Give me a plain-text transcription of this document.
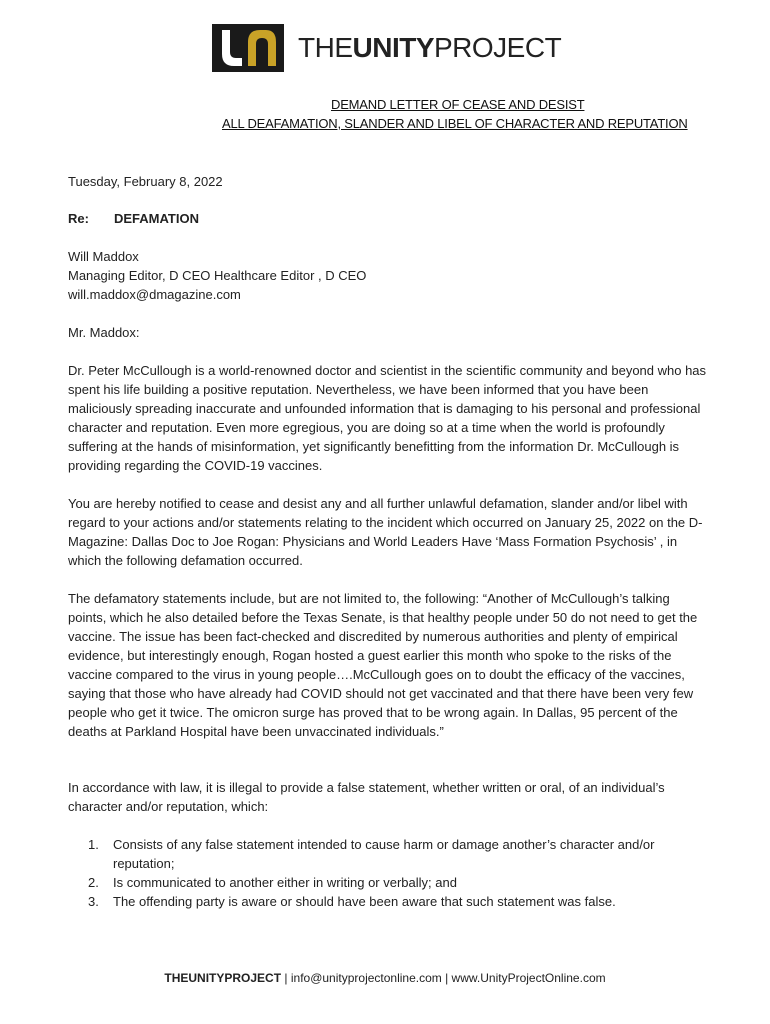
THEUNITYPROJECT
DEMAND LETTER OF CEASE AND DESIST
ALL DEAFAMATION, SLANDER AND LIBEL OF CHARACTER AND REPUTATION
Tuesday, February 8, 2022
Re: DEFAMATION
Will Maddox
Managing Editor, D CEO Healthcare Editor , D CEO
will.maddox@dmagazine.com
Mr. Maddox:
Dr. Peter McCullough is a world-renowned doctor and scientist in the scientific community and beyond who has spent his life building a positive reputation. Nevertheless, we have been informed that you have been maliciously spreading inaccurate and unfounded information that is damaging to his personal and professional character and reputation. Even more egregious, you are doing so at a time when the world is profoundly suffering at the hands of misinformation, yet significantly benefitting from the information Dr. McCullough is providing regarding the COVID-19 vaccines.
You are hereby notified to cease and desist any and all further unlawful defamation, slander and/or libel with regard to your actions and/or statements relating to the incident which occurred on January 25, 2022 on the D-Magazine: Dallas Doc to Joe Rogan: Physicians and World Leaders Have ‘Mass Formation Psychosis’ , in which the following defamation occurred.
The defamatory statements include, but are not limited to, the following: “Another of McCullough’s talking points, which he also detailed before the Texas Senate, is that healthy people under 50 do not need to get the vaccine. The issue has been fact-checked and discredited by numerous authorities and plenty of empirical evidence, but interestingly enough, Rogan hosted a guest earlier this month who spoke to the risks of the vaccine compared to the virus in young people….McCullough goes on to doubt the efficacy of the vaccines, saying that those who have already had COVID should not get vaccinated and that there have been very few people who get it twice. The omicron surge has proved that to be wrong again. In Dallas, 95 percent of the deaths at Parkland Hospital have been unvaccinated individuals.”
In accordance with law, it is illegal to provide a false statement, whether written or oral, of an individual’s character and/or reputation, which:
1. Consists of any false statement intended to cause harm or damage another’s character and/or reputation;
2. Is communicated to another either in writing or verbally; and
3. The offending party is aware or should have been aware that such statement was false.
THEUNITYPROJECT | info@unityprojectonline.com | www.UnityProjectOnline.com
